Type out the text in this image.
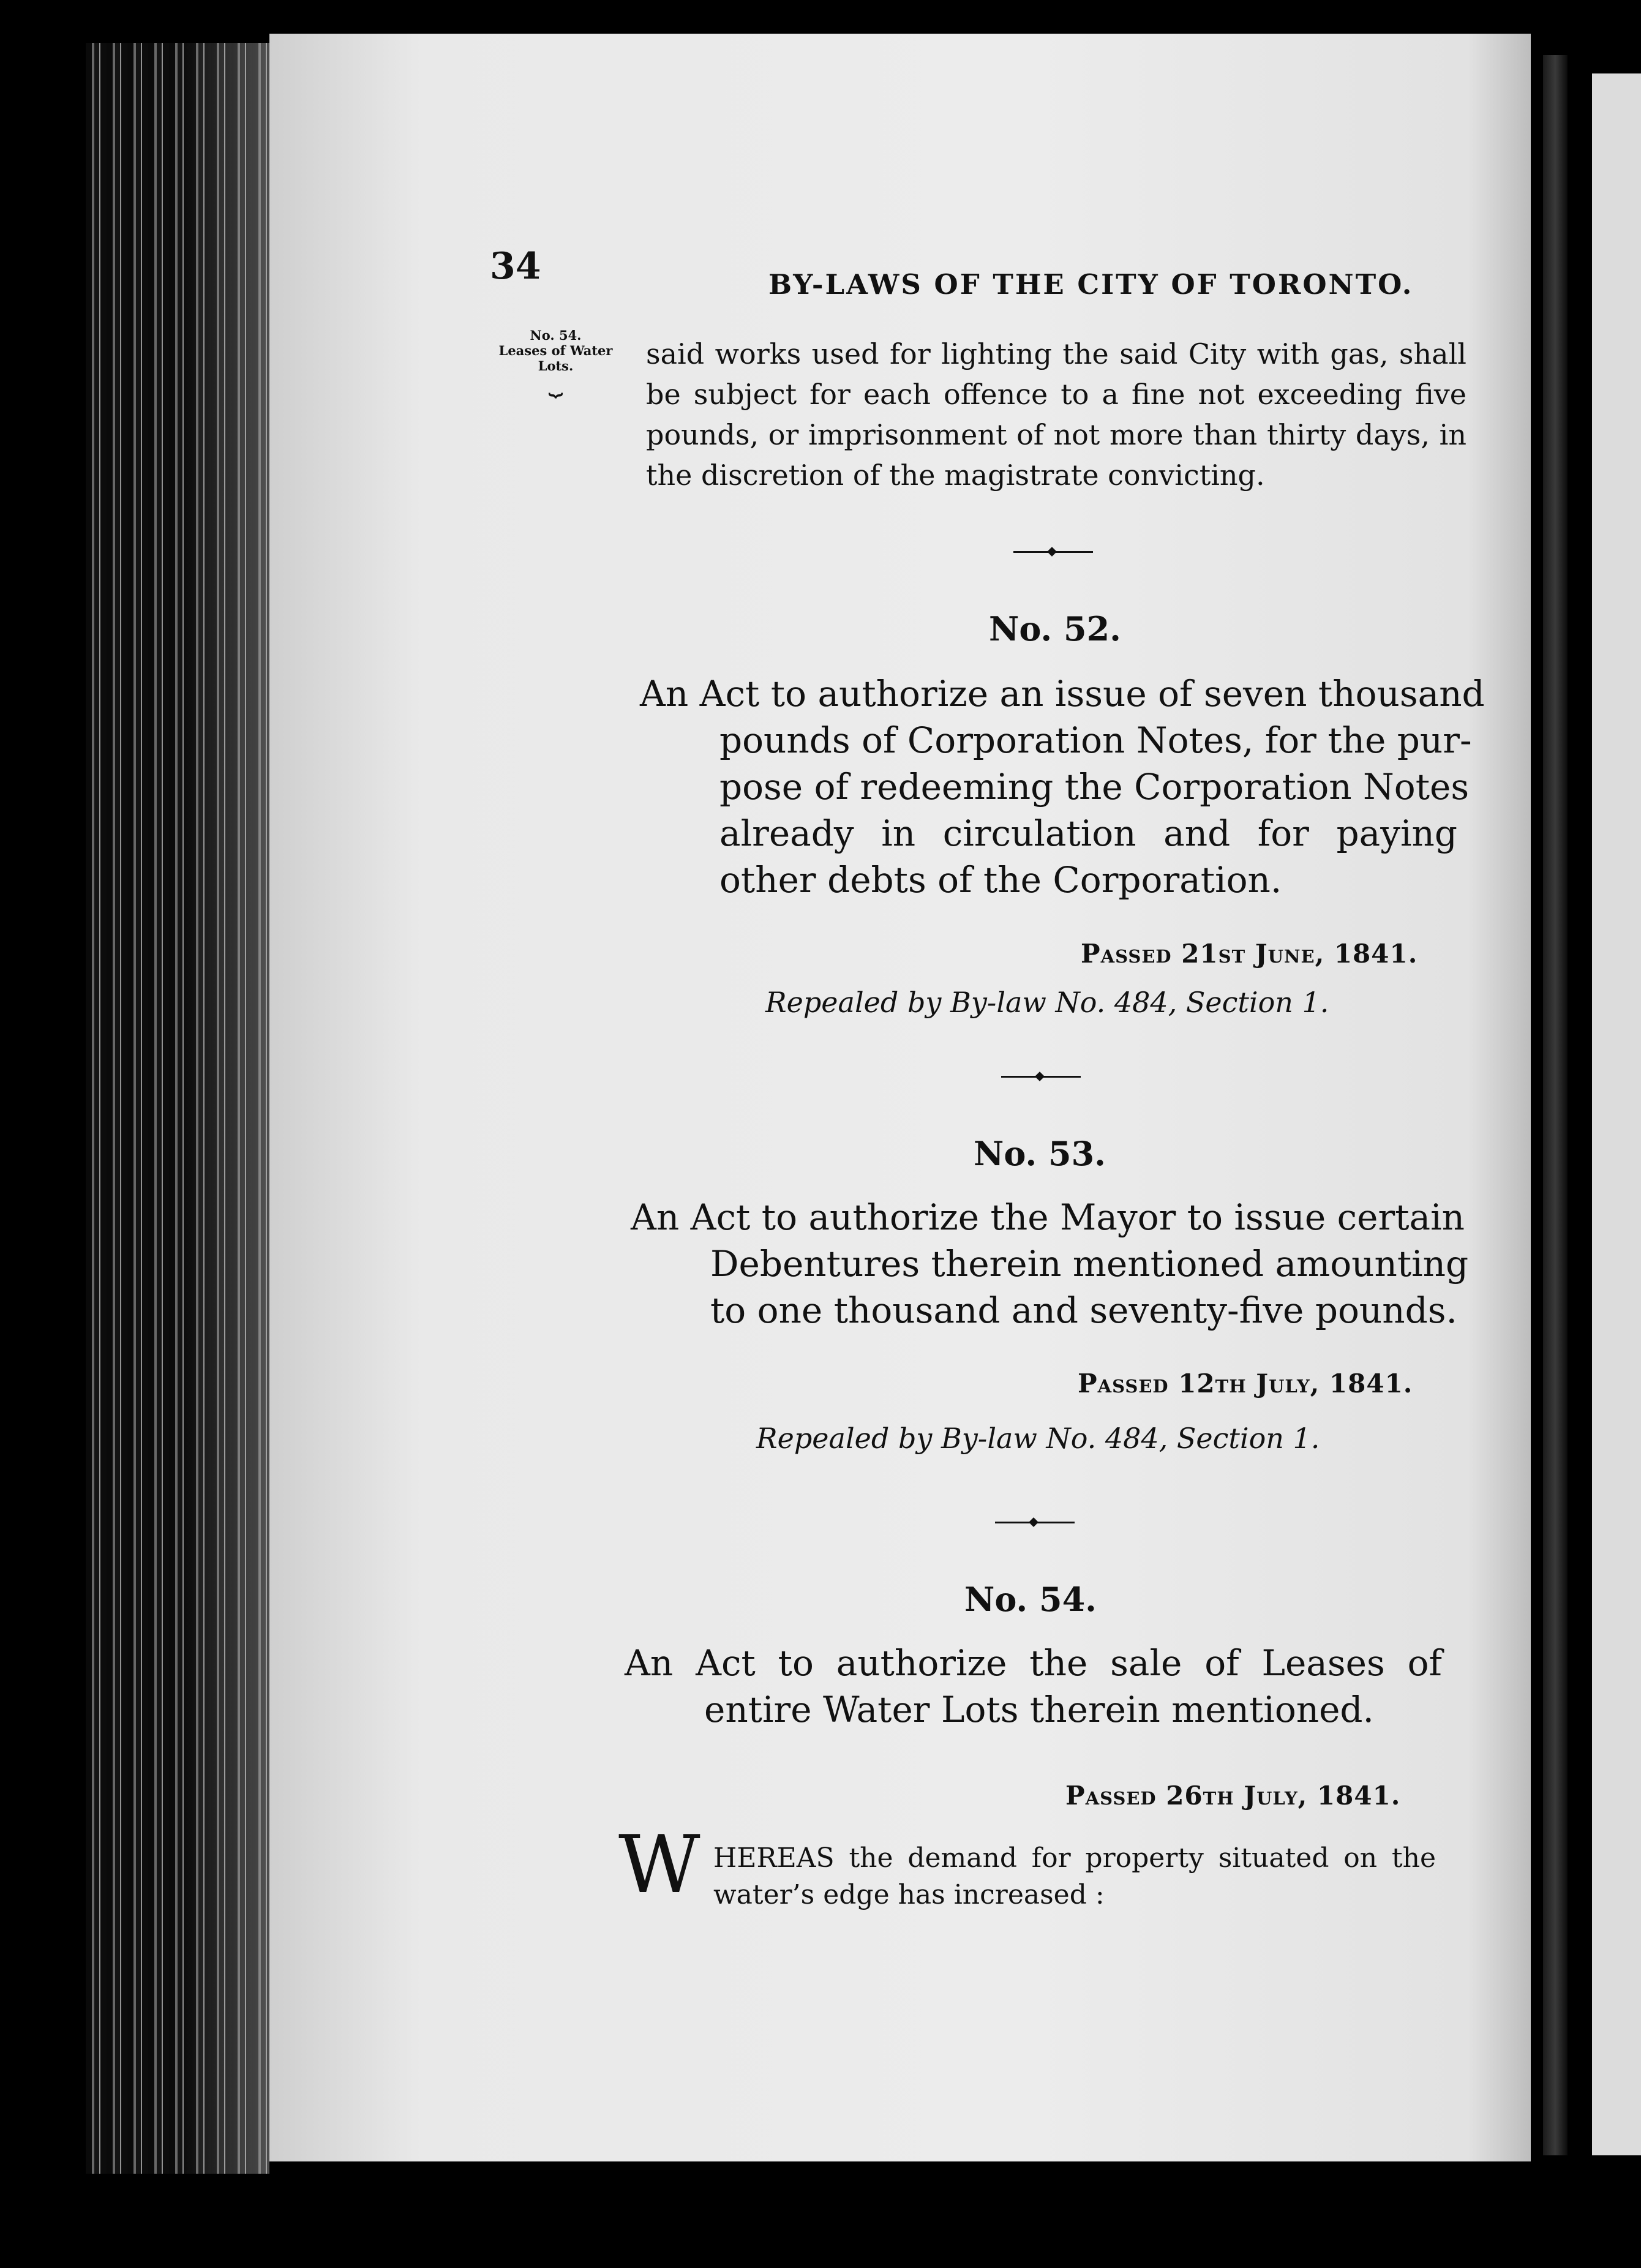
34	BY-LAWS OF THE CITY OF TORONTO.

No. 54.
Leases of Water
Lots.
⏟

said works used for lighting the said City with gas, shall
be subject for each offence to a fine not exceeding five
pounds, or imprisonment of not more than thirty days, in
the discretion of the magistrate convicting.

No. 52.
An Act to authorize an issue of seven thousand
pounds of Corporation Notes, for the pur-
pose of redeeming the Corporation Notes
already in circulation and for paying
other debts of the Corporation.
Passed 21st June, 1841.
Repealed by By-law No. 484, Section 1.
No. 53.
An Act to authorize the Mayor to issue certain
Debentures therein mentioned amounting
to one thousand and seventy-five pounds.
Passed 12th July, 1841.
Repealed by By-law No. 484, Section 1.
No. 54.
An Act to authorize the sale of Leases of
entire Water Lots therein mentioned.
Passed 26th July, 1841.
W HEREAS the demand for property situated on the
water’s edge has increased :
